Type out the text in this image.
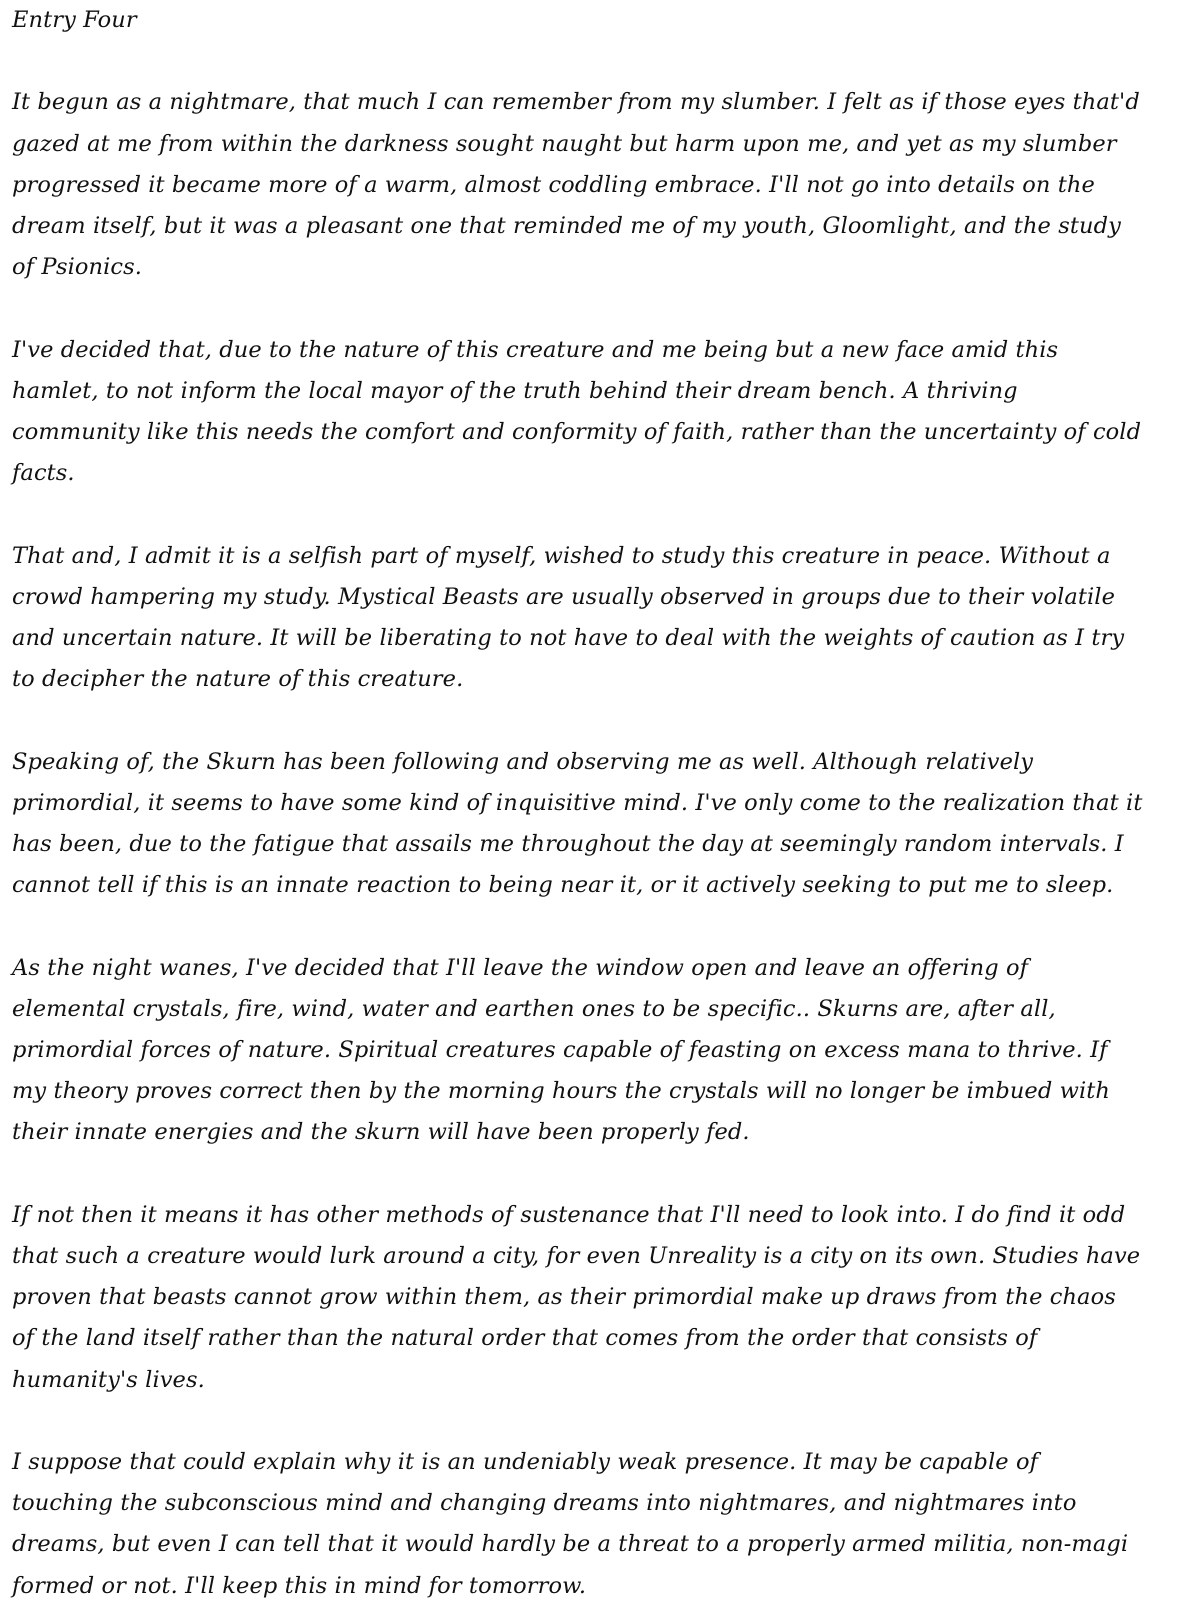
Entry Four

It begun as a nightmare, that much I can remember from my slumber. I felt as if those eyes that'd gazed at me from within the darkness sought naught but harm upon me, and yet as my slumber progressed it became more of a warm, almost coddling embrace. I'll not go into details on the dream itself, but it was a pleasant one that reminded me of my youth, Gloomlight, and the study of Psionics.

I've decided that, due to the nature of this creature and me being but a new face amid this hamlet, to not inform the local mayor of the truth behind their dream bench. A thriving community like this needs the comfort and conformity of faith, rather than the uncertainty of cold facts.

That and, I admit it is a selfish part of myself, wished to study this creature in peace. Without a crowd hampering my study. Mystical Beasts are usually observed in groups due to their volatile and uncertain nature. It will be liberating to not have to deal with the weights of caution as I try to decipher the nature of this creature.

Speaking of, the Skurn has been following and observing me as well. Although relatively primordial, it seems to have some kind of inquisitive mind. I've only come to the realization that it has been, due to the fatigue that assails me throughout the day at seemingly random intervals. I cannot tell if this is an innate reaction to being near it, or it actively seeking to put me to sleep.

As the night wanes, I've decided that I'll leave the window open and leave an offering of elemental crystals, fire, wind, water and earthen ones to be specific.. Skurns are, after all, primordial forces of nature. Spiritual creatures capable of feasting on excess mana to thrive. If my theory proves correct then by the morning hours the crystals will no longer be imbued with their innate energies and the skurn will have been properly fed.

If not then it means it has other methods of sustenance that I'll need to look into. I do find it odd that such a creature would lurk around a city, for even Unreality is a city on its own. Studies have proven that beasts cannot grow within them, as their primordial make up draws from the chaos of the land itself rather than the natural order that comes from the order that consists of humanity's lives.

I suppose that could explain why it is an undeniably weak presence. It may be capable of touching the subconscious mind and changing dreams into nightmares, and nightmares into dreams, but even I can tell that it would hardly be a threat to a properly armed militia, non-magi formed or not. I'll keep this in mind for tomorrow.
